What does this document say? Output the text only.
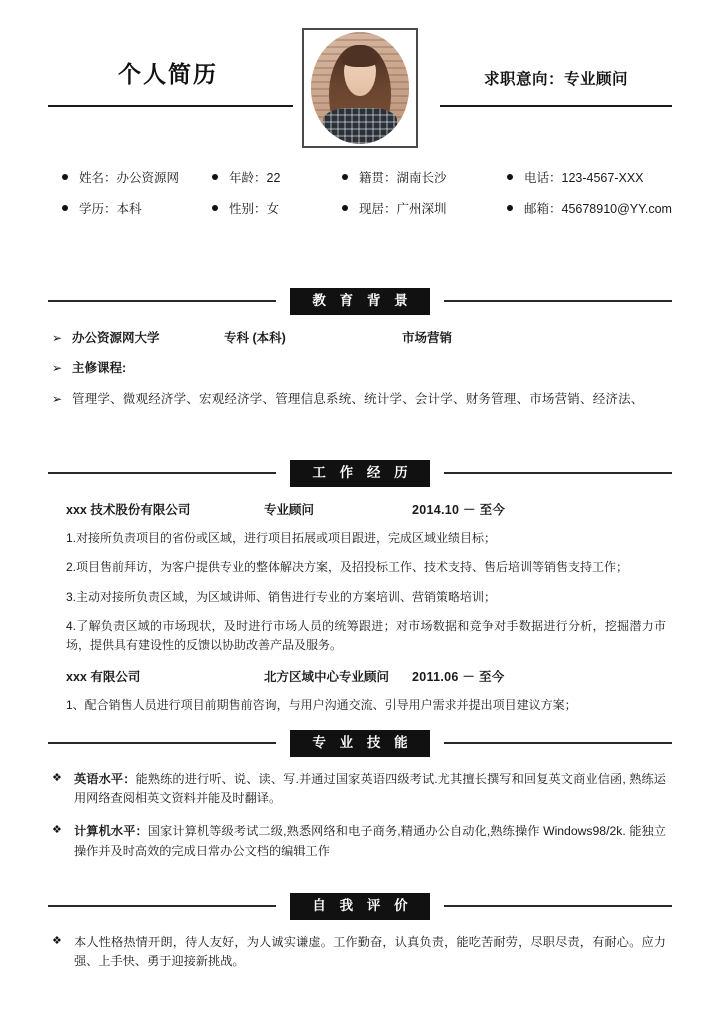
个人简历	求职意向：专业顾问
姓名：办公资源网	年龄：22	籍贯：湖南长沙	电话：123-4567-XXX
学历：本科	性别：女	现居：广州深圳	邮箱：45678910@YY.com
教 育 背 景
➢ 办公资源网大学	专科 (本科)	市场营销
➢ 主修课程:
➢ 管理学、微观经济学、宏观经济学、管理信息系统、统计学、会计学、财务管理、市场营销、经济法、
工 作 经 历
xxx 技术股份有限公司	专业顾问	2014.10 － 至今
1.对接所负责项目的省份或区域，进行项目拓展或项目跟进，完成区域业绩目标；
2.项目售前拜访，为客户提供专业的整体解决方案，及招投标工作、技术支持、售后培训等销售支持工作；
3.主动对接所负责区域，为区域讲师、销售进行专业的方案培训、营销策略培训；
4.了解负责区域的市场现状，及时进行市场人员的统筹跟进；对市场数据和竞争对手数据进行分析，挖掘潜力市场，提供具有建设性的反馈以协助改善产品及服务。
xxx 有限公司	北方区域中心专业顾问	2011.06 － 至今
1、配合销售人员进行项目前期售前咨询，与用户沟通交流、引导用户需求并提出项目建议方案；
专 业 技 能
❖ 英语水平：能熟练的进行听、说、读、写.并通过国家英语四级考试.尤其擅长撰写和回复英文商业信函, 熟练运用网络查阅相英文资料并能及时翻译。
❖ 计算机水平：国家计算机等级考试二级,熟悉网络和电子商务,精通办公自动化,熟练操作 Windows98/2k. 能独立操作并及时高效的完成日常办公文档的编辑工作
自 我 评 价
❖ 本人性格热情开朗，待人友好，为人诚实谦虚。工作勤奋，认真负责，能吃苦耐劳，尽职尽责，有耐心。应力强、上手快、勇于迎接新挑战。
